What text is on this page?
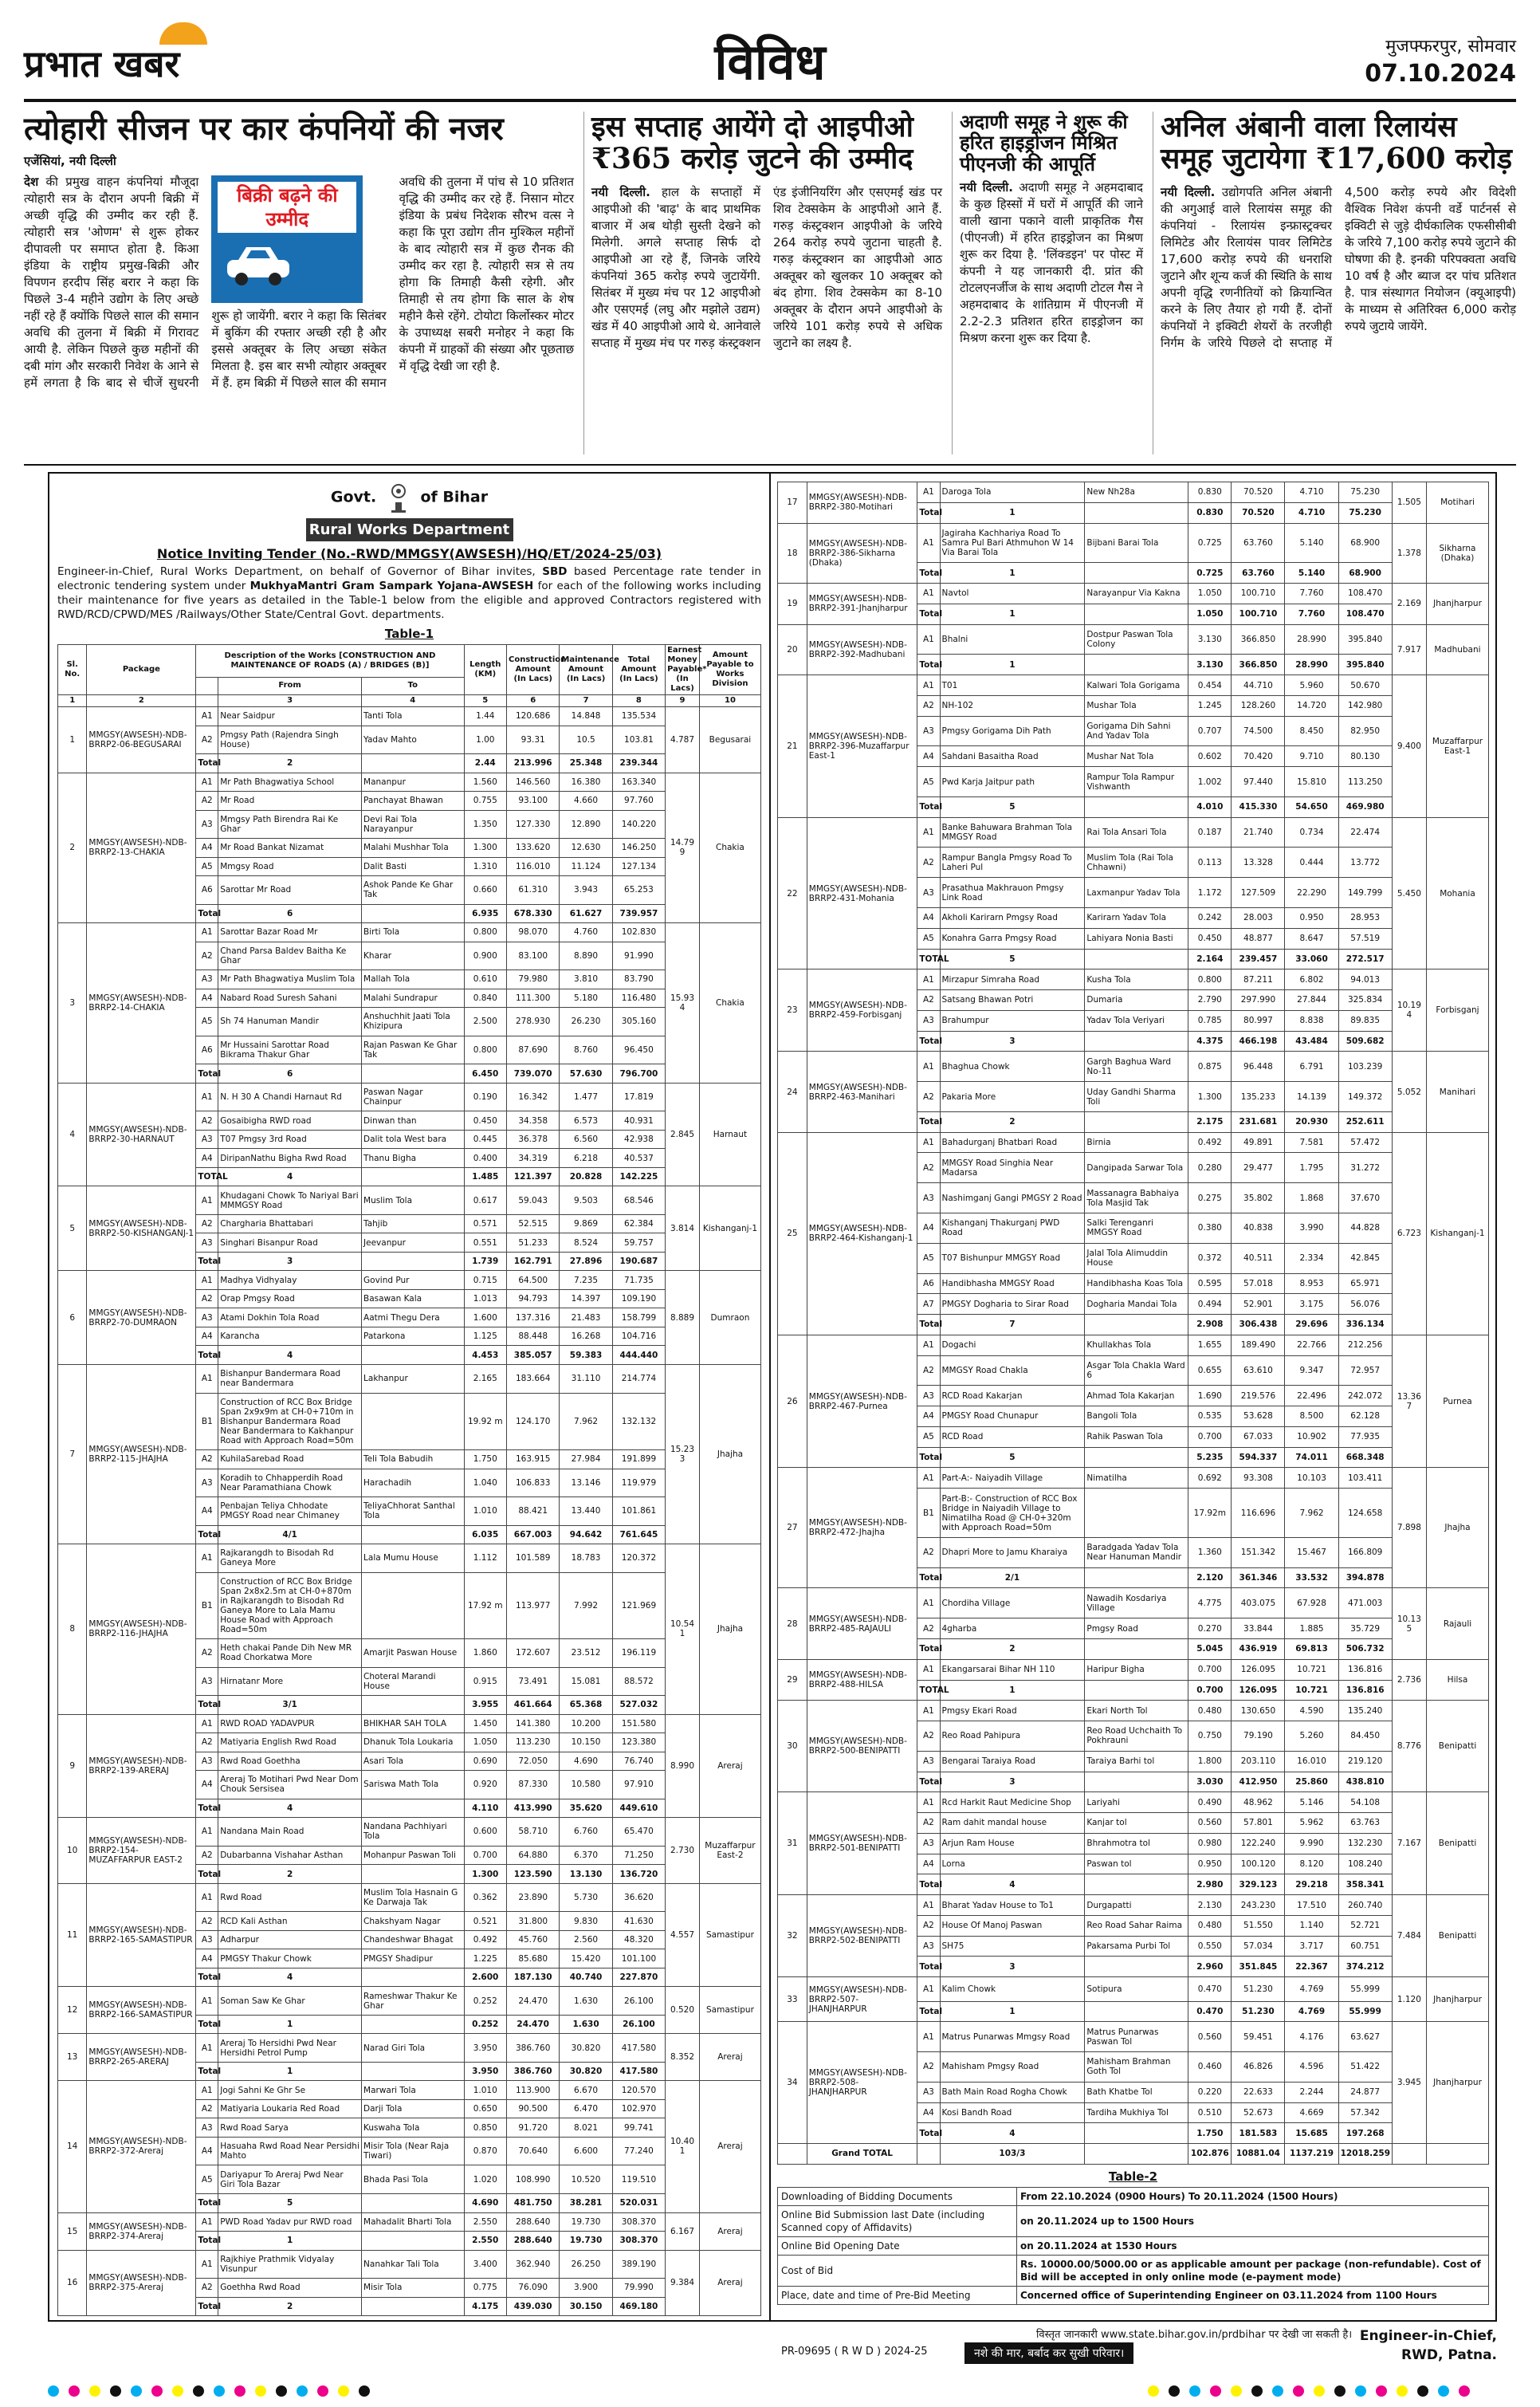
प्रभात खबर	विविध	मुजफ्फरपुर, सोमवार
07.10.2024
त्योहारी सीजन पर कार कंपनियों की नजर
एजेंसियां, नयी दिल्ली
देश की प्रमुख वाहन कंपनियां मौजूदा त्योहारी सत्र के दौरान अपनी बिक्री में अच्छी वृद्धि की उम्मीद कर रही हैं. त्योहारी सत्र 'ओणम' से शुरू होकर दीपावली पर समाप्त होता है. किआ इंडिया के राष्ट्रीय प्रमुख-बिक्री और विपणन हरदीप सिंह बरार ने कहा कि पिछले 3-4 महीने उद्योग के लिए अच्छे नहीं रहे हैं क्योंकि पिछले साल की समान अवधि की तुलना में बिक्री में गिरावट आयी है.
बिक्री बढ़ने की उम्मीद
लेकिन पिछले कुछ महीनों की दबी मांग और सरकारी निवेश के आने से हमें लगता है कि बाद से चीजें सुधरनी शुरू हो जायेंगी. बरार ने कहा कि सितंबर में बुकिंग की रफ्तार अच्छी रही है और इससे अक्तूबर के लिए अच्छा संकेत मिलता है. इस बार सभी त्योहार अक्तूबर में हैं. हम बिक्री में पिछले साल की समान अवधि की तुलना में पांच से 10 प्रतिशत वृद्धि की उम्मीद कर रहे हैं. निसान मोटर इंडिया के प्रबंध निदेशक सौरभ वत्स ने कहा कि पूरा उद्योग तीन मुश्किल महीनों के बाद त्योहारी सत्र में कुछ रौनक की उम्मीद कर रहा है. त्योहारी सत्र से तय होगा कि तिमाही कैसी रहेगी. और तिमाही से तय होगा कि साल के शेष महीने कैसे रहेंगे. टोयोटा किर्लोस्कर मोटर के उपाध्यक्ष सबरी मनोहर ने कहा कि कंपनी में ग्राहकों की संख्या और पूछताछ में वृद्धि देखी जा रही है.
इस सप्ताह आयेंगे दो आइपीओ ₹365 करोड़ जुटने की उम्मीद
नयी दिल्ली. हाल के सप्ताहों में आइपीओ की 'बाढ़' के बाद प्राथमिक बाजार में अब थोड़ी सुस्ती देखने को मिलेगी. अगले सप्ताह सिर्फ दो आइपीओ आ रहे हैं, जिनके जरिये कंपनियां 365 करोड़ रुपये जुटायेंगी. सितंबर में मुख्य मंच पर 12 आइपीओ और एसएमई (लघु और मझोले उद्यम) खंड में 40 आइपीओ आये थे. आनेवाले सप्ताह में मुख्य मंच पर गरुड़ कंस्ट्रक्शन एंड इंजीनियरिंग और एसएमई खंड पर शिव टेक्सकेम के आइपीओ आने हैं. गरुड़ कंस्ट्रक्शन आइपीओ के जरिये 264 करोड़ रुपये जुटाना चाहती है. गरुड़ कंस्ट्रक्शन का आइपीओ आठ अक्तूबर को खुलकर 10 अक्तूबर को बंद होगा. शिव टेक्सकेम का 8-10 अक्तूबर के दौरान अपने आइपीओ के जरिये 101 करोड़ रुपये से अधिक जुटाने का लक्ष्य है.
अदाणी समूह ने शुरू की हरित हाइड्रोजन मिश्रित पीएनजी की आपूर्ति
नयी दिल्ली. अदाणी समूह ने अहमदाबाद के कुछ हिस्सों में घरों में आपूर्ति की जाने वाली खाना पकाने वाली प्राकृतिक गैस (पीएनजी) में हरित हाइड्रोजन का मिश्रण शुरू कर दिया है. 'लिंक्डइन' पर पोस्ट में कंपनी ने यह जानकारी दी. प्रांत की टोटलएनर्जीज के साथ अदाणी टोटल गैस ने अहमदाबाद के शांतिग्राम में पीएनजी में 2.2-2.3 प्रतिशत हरित हाइड्रोजन का मिश्रण करना शुरू कर दिया है.
अनिल अंबानी वाला रिलायंस समूह जुटायेगा ₹17,600 करोड़
नयी दिल्ली. उद्योगपति अनिल अंबानी की अगुआई वाले रिलायंस समूह की कंपनियां - रिलायंस इन्फ्रास्ट्रक्चर लिमिटेड और रिलायंस पावर लिमिटेड 17,600 करोड़ रुपये की धनराशि जुटाने और शून्य कर्ज की स्थिति के साथ अपनी वृद्धि रणनीतियों को क्रियान्वित करने के लिए तैयार हो गयी हैं. दोनों कंपनियों ने इक्विटी शेयरों के तरजीही निर्गम के जरिये पिछले दो सप्ताह में 4,500 करोड़ रुपये और विदेशी वैश्विक निवेश कंपनी वर्डे पार्टनर्स से इक्विटी से जुड़े दीर्घकालिक एफसीसीबी के जरिये 7,100 करोड़ रुपये जुटाने की घोषणा की है. इनकी परिपक्वता अवधि 10 वर्ष है और ब्याज दर पांच प्रतिशत है. पात्र संस्थागत नियोजन (क्यूआइपी) के माध्यम से अतिरिक्त 6,000 करोड़ रुपये जुटाये जायेंगे.
Govt.	of Bihar
Rural Works Department
Notice Inviting Tender (No.-RWD/MMGSY(AWSESH)/HQ/ET/2024-25/03)
Engineer-in-Chief, Rural Works Department, on behalf of Governor of Bihar invites, SBD based Percentage rate tender in electronic tendering system under MukhyaMantri Gram Sampark Yojana-AWSESH for each of the following works including their maintenance for five years as detailed in the Table-1 below from the eligible and approved Contractors registered with RWD/RCD/CPWD/MES /Railways/Other State/Central Govt. departments.
Table-1
Sl. No.	Package	Description of the Works [CONSTRUCTION AND MAINTENANCE OF ROADS (A) / BRIDGES (B)]			Length (KM)	Construction Amount (In Lacs)	Maintenance Amount (In Lacs)	Total Amount (In Lacs)	Earnest Money Payable* (In Lacs)	Amount Payable to Works Division
			From	To						
1	2		3	4	5	6	7	8	9	10
1	MMGSY(AWSESH)-NDB-BRRP2-06-BEGUSARAI	A1	Near Saidpur	Tanti Tola	1.44	120.686	14.848	135.534	4.787	Begusarai
		A2	Pmgsy Path (Rajendra Singh House)	Yadav Mahto	1.00	93.31	10.5	103.81		
		Total	2		2.44	213.996	25.348	239.344		
2	MMGSY(AWSESH)-NDB-BRRP2-13-CHAKIA	A1	Mr Path Bhagwatiya School	Mananpur	1.560	146.560	16.380	163.340	14.79 9	Chakia
		A2	Mr Road	Panchayat Bhawan	0.755	93.100	4.660	97.760		
		A3	Mmgsy Path Birendra Rai Ke Ghar	Devi Rai Tola Narayanpur	1.350	127.330	12.890	140.220		
		A4	Mr Road Bankat Nizamat	Malahi Mushhar Tola	1.300	133.620	12.630	146.250		
		A5	Mmgsy Road	Dalit Basti	1.310	116.010	11.124	127.134		
		A6	Sarottar Mr Road	Ashok Pande Ke Ghar Tak	0.660	61.310	3.943	65.253		
		Total	6		6.935	678.330	61.627	739.957		
3	MMGSY(AWSESH)-NDB-BRRP2-14-CHAKIA	A1	Sarottar Bazar Road Mr	Birti Tola	0.800	98.070	4.760	102.830	15.93 4	Chakia
		A2	Chand Parsa Baldev Baitha Ke Ghar	Kharar	0.900	83.100	8.890	91.990		
		A3	Mr Path Bhagwatiya Muslim Tola	Mallah Tola	0.610	79.980	3.810	83.790		
		A4	Nabard Road Suresh Sahani	Malahi Sundrapur	0.840	111.300	5.180	116.480		
		A5	Sh 74 Hanuman Mandir	Anshuchhit Jaati Tola Khizipura	2.500	278.930	26.230	305.160		
		A6	Mr Hussaini Sarottar Road Bikrama Thakur Ghar	Rajan Paswan Ke Ghar Tak	0.800	87.690	8.760	96.450		
		Total	6		6.450	739.070	57.630	796.700		
4	MMGSY(AWSESH)-NDB-BRRP2-30-HARNAUT	A1	N. H 30 A Chandi Harnaut Rd	Paswan Nagar Chainpur	0.190	16.342	1.477	17.819	2.845	Harnaut
		A2	Gosaibigha RWD road	Dinwan than	0.450	34.358	6.573	40.931		
		A3	T07 Pmgsy 3rd Road	Dalit tola West bara	0.445	36.378	6.560	42.938		
		A4	DiripanNathu Bigha Rwd Road	Thanu Bigha	0.400	34.319	6.218	40.537		
		TOTAL	4		1.485	121.397	20.828	142.225		
5	MMGSY(AWSESH)-NDB-BRRP2-50-KISHANGANJ-1	A1	Khudagani Chowk To Nariyal Bari MMMGSY Road	Muslim Tola	0.617	59.043	9.503	68.546	3.814	Kishanganj-1
		A2	Chargharia Bhattabari	Tahjib	0.571	52.515	9.869	62.384		
		A3	Singhari Bisanpur Road	Jeevanpur	0.551	51.233	8.524	59.757		
		Total	3		1.739	162.791	27.896	190.687		
6	MMGSY(AWSESH)-NDB-BRRP2-70-DUMRAON	A1	Madhya Vidhyalay	Govind Pur	0.715	64.500	7.235	71.735	8.889	Dumraon
		A2	Orap Pmgsy Road	Basawan Kala	1.013	94.793	14.397	109.190		
		A3	Atami Dokhin Tola Road	Aatmi Thegu Dera	1.600	137.316	21.483	158.799		
		A4	Karancha	Patarkona	1.125	88.448	16.268	104.716		
		Total	4		4.453	385.057	59.383	444.440		
7	MMGSY(AWSESH)-NDB-BRRP2-115-JHAJHA	A1	Bishanpur Bandermara Road near Bandermara	Lakhanpur	2.165	183.664	31.110	214.774	15.23 3	Jhajha
		B1	Construction of RCC Box Bridge Span 2x9x9m at CH-0+710m in Bishanpur Bandermara Road Near Bandermara to Kakhanpur Road with Approach Road=50m		19.92 m	124.170	7.962	132.132		
		A2	KuhilaSarebad Road	Teli Tola Babudih	1.750	163.915	27.984	191.899		
		A3	Koradih to Chhapperdih Road Near Paramathiana Chowk	Harachadih	1.040	106.833	13.146	119.979		
		A4	Penbajan Teliya Chhodate PMGSY Road near Chimaney	TeliyaChhorat Santhal Tola	1.010	88.421	13.440	101.861		
		Total	4/1		6.035	667.003	94.642	761.645		
8	MMGSY(AWSESH)-NDB-BRRP2-116-JHAJHA	A1	Rajkarangdh to Bisodah Rd Ganeya More	Lala Mumu House	1.112	101.589	18.783	120.372	10.54 1	Jhajha
		B1	Construction of RCC Box Bridge Span 2x8x2.5m at CH-0+870m in Rajkarangdh to Bisodah Rd Ganeya More to Lala Mamu House Road with Approach Road=50m		17.92 m	113.977	7.992	121.969		
		A2	Heth chakai Pande Dih New MR Road Chorkatwa More	Amarjit Paswan House	1.860	172.607	23.512	196.119		
		A3	Hirnatanr More	Choteral Marandi House	0.915	73.491	15.081	88.572		
		Total	3/1		3.955	461.664	65.368	527.032		
9	MMGSY(AWSESH)-NDB-BRRP2-139-ARERAJ	A1	RWD ROAD YADAVPUR	BHIKHAR SAH TOLA	1.450	141.380	10.200	151.580	8.990	Areraj
		A2	Matiyaria English Rwd Road	Dhanuk Tola Loukaria	1.050	113.230	10.150	123.380		
		A3	Rwd Road Goethha	Asari Tola	0.690	72.050	4.690	76.740		
		A4	Areraj To Motihari Pwd Near Dom Chouk Sersisea	Sariswa Math Tola	0.920	87.330	10.580	97.910		
		Total	4		4.110	413.990	35.620	449.610		
10	MMGSY(AWSESH)-NDB-BRRP2-154-MUZAFFARPUR EAST-2	A1	Nandana Main Road	Nandana Pachhiyari Tola	0.600	58.710	6.760	65.470	2.730	Muzaffarpur East-2
		A2	Dubarbanna Vishahar Asthan	Mohanpur Paswan Toli	0.700	64.880	6.370	71.250		
		Total	2		1.300	123.590	13.130	136.720		
11	MMGSY(AWSESH)-NDB-BRRP2-165-SAMASTIPUR	A1	Rwd Road	Muslim Tola Hasnain G Ke Darwaja Tak	0.362	23.890	5.730	36.620	4.557	Samastipur
		A2	RCD Kali Asthan	Chakshyam Nagar	0.521	31.800	9.830	41.630		
		A3	Adharpur	Chandeshwar Bhagat	0.492	45.760	2.560	48.320		
		A4	PMGSY Thakur Chowk	PMGSY Shadipur	1.225	85.680	15.420	101.100		
		Total	4		2.600	187.130	40.740	227.870		
12	MMGSY(AWSESH)-NDB-BRRP2-166-SAMASTIPUR	A1	Soman Saw Ke Ghar	Rameshwar Thakur Ke Ghar	0.252	24.470	1.630	26.100	0.520	Samastipur
		Total	1		0.252	24.470	1.630	26.100		
13	MMGSY(AWSESH)-NDB-BRRP2-265-ARERAJ	A1	Areraj To Hersidhi Pwd Near Hersidhi Petrol Pump	Narad Giri Tola	3.950	386.760	30.820	417.580	8.352	Areraj
		Total	1		3.950	386.760	30.820	417.580		
14	MMGSY(AWSESH)-NDB-BRRP2-372-Areraj	A1	Jogi Sahni Ke Ghr Se	Marwari Tola	1.010	113.900	6.670	120.570	10.40 1	Areraj
		A2	Matiyaria Loukaria Red Road	Darji Tola	0.650	90.500	6.470	102.970		
		A3	Rwd Road Sarya	Kuswaha Tola	0.850	91.720	8.021	99.741		
		A4	Hasuaha Rwd Road Near Persidhi Mahto	Misir Tola (Near Raja Tiwari)	0.870	70.640	6.600	77.240		
		A5	Dariyapur To Areraj Pwd Near Giri Tola Bazar	Bhada Pasi Tola	1.020	108.990	10.520	119.510		
		Total	5		4.690	481.750	38.281	520.031		
15	MMGSY(AWSESH)-NDB-BRRP2-374-Areraj	A1	PWD Road Yadav pur RWD road	Mahadalit Bharti Tola	2.550	288.640	19.730	308.370	6.167	Areraj
		Total	1		2.550	288.640	19.730	308.370		
16	MMGSY(AWSESH)-NDB-BRRP2-375-Areraj	A1	Rajkhiye Prathmik Vidyalay Visunpur	Nanahkar Tali Tola	3.400	362.940	26.250	389.190	9.384	Areraj
		A2	Goethha Rwd Road	Misir Tola	0.775	76.090	3.900	79.990		
		Total	2		4.175	439.030	30.150	469.180		
17	MMGSY(AWSESH)-NDB-BRRP2-380-Motihari	A1	Daroga Tola	New Nh28a	0.830	70.520	4.710	75.230	1.505	Motihari
		Total	1		0.830	70.520	4.710	75.230		
18	MMGSY(AWSESH)-NDB-BRRP2-386-Sikharna (Dhaka)	A1	Jagiraha Kachhariya Road To Samra Pul Bari Athmuhon W 14 Via Barai Tola	Bijbani Barai Tola	0.725	63.760	5.140	68.900	1.378	Sikharna (Dhaka)
		Total	1		0.725	63.760	5.140	68.900		
19	MMGSY(AWSESH)-NDB-BRRP2-391-Jhanjharpur	A1	Navtol	Narayanpur Via Kakna	1.050	100.710	7.760	108.470	2.169	Jhanjharpur
		Total	1		1.050	100.710	7.760	108.470		
20	MMGSY(AWSESH)-NDB-BRRP2-392-Madhubani	A1	Bhalni	Dostpur Paswan Tola Colony	3.130	366.850	28.990	395.840	7.917	Madhubani
		Total	1		3.130	366.850	28.990	395.840		
21	MMGSY(AWSESH)-NDB-BRRP2-396-Muzaffarpur East-1	A1	T01	Kalwari Tola Gorigama	0.454	44.710	5.960	50.670	9.400	Muzaffarpur East-1
		A2	NH-102	Mushar Tola	1.245	128.260	14.720	142.980		
		A3	Pmgsy Gorigama Dih Path	Gorigama Dih Sahni And Yadav Tola	0.707	74.500	8.450	82.950		
		A4	Sahdani Basaitha Road	Mushar Nat Tola	0.602	70.420	9.710	80.130		
		A5	Pwd Karja Jaitpur path	Rampur Tola Rampur Vishwanth	1.002	97.440	15.810	113.250		
		Total	5		4.010	415.330	54.650	469.980		
22	MMGSY(AWSESH)-NDB-BRRP2-431-Mohania	A1	Banke Bahuwara Brahman Tola MMGSY Road	Rai Tola Ansari Tola	0.187	21.740	0.734	22.474	5.450	Mohania
		A2	Rampur Bangla Pmgsy Road To Laheri Pul	Muslim Tola (Rai Tola Chhawni)	0.113	13.328	0.444	13.772		
		A3	Prasathua Makhrauon Pmgsy Link Road	Laxmanpur Yadav Tola	1.172	127.509	22.290	149.799		
		A4	Akholi Karirarn Pmgsy Road	Karirarn Yadav Tola	0.242	28.003	0.950	28.953		
		A5	Konahra Garra Pmgsy Road	Lahiyara Nonia Basti	0.450	48.877	8.647	57.519		
		TOTAL	5		2.164	239.457	33.060	272.517		
23	MMGSY(AWSESH)-NDB-BRRP2-459-Forbisganj	A1	Mirzapur Simraha Road	Kusha Tola	0.800	87.211	6.802	94.013	10.19 4	Forbisganj
		A2	Satsang Bhawan Potri	Dumaria	2.790	297.990	27.844	325.834		
		A3	Brahumpur	Yadav Tola Veriyari	0.785	80.997	8.838	89.835		
		Total	3		4.375	466.198	43.484	509.682		
24	MMGSY(AWSESH)-NDB-BRRP2-463-Manihari	A1	Bhaghua Chowk	Gargh Baghua Ward No-11	0.875	96.448	6.791	103.239	5.052	Manihari
		A2	Pakaria More	Uday Gandhi Sharma Toli	1.300	135.233	14.139	149.372		
		Total	2		2.175	231.681	20.930	252.611		
25	MMGSY(AWSESH)-NDB-BRRP2-464-Kishanganj-1	A1	Bahadurganj Bhatbari Road	Birnia	0.492	49.891	7.581	57.472	6.723	Kishanganj-1
		A2	MMGSY Road Singhia Near Madarsa	Dangipada Sarwar Tola	0.280	29.477	1.795	31.272		
		A3	Nashimganj Gangi PMGSY 2 Road	Massanagra Babhaiya Tola Masjid Tak	0.275	35.802	1.868	37.670		
		A4	Kishanganj Thakurganj PWD Road	Salki Terenganri MMGSY Road	0.380	40.838	3.990	44.828		
		A5	T07 Bishunpur MMGSY Road	Jalal Tola Alimuddin House	0.372	40.511	2.334	42.845		
		A6	Handibhasha MMGSY Road	Handibhasha Koas Tola	0.595	57.018	8.953	65.971		
		A7	PMGSY Dogharia to Sirar Road	Dogharia Mandai Tola	0.494	52.901	3.175	56.076		
		Total	7		2.908	306.438	29.696	336.134		
26	MMGSY(AWSESH)-NDB-BRRP2-467-Purnea	A1	Dogachi	Khullakhas Tola	1.655	189.490	22.766	212.256	13.36 7	Purnea
		A2	MMGSY Road Chakla	Asgar Tola Chakla Ward 6	0.655	63.610	9.347	72.957		
		A3	RCD Road Kakarjan	Ahmad Tola Kakarjan	1.690	219.576	22.496	242.072		
		A4	PMGSY Road Chunapur	Bangoli Tola	0.535	53.628	8.500	62.128		
		A5	RCD Road	Rahik Paswan Tola	0.700	67.033	10.902	77.935		
		Total	5		5.235	594.337	74.011	668.348		
27	MMGSY(AWSESH)-NDB-BRRP2-472-Jhajha	A1	Part-A:- Naiyadih Village	Nimatilha	0.692	93.308	10.103	103.411	7.898	Jhajha
		B1	Part-B:- Construction of RCC Box Bridge in Naiyadih Village to Nimatilha Road @ CH-0+320m with Approach Road=50m		17.92m	116.696	7.962	124.658		
		A2	Dhapri More to Jamu Kharaiya	Baradgada Yadav Tola Near Hanuman Mandir	1.360	151.342	15.467	166.809		
		Total	2/1		2.120	361.346	33.532	394.878		
28	MMGSY(AWSESH)-NDB-BRRP2-485-RAJAULI	A1	Chordiha Village	Nawadih Kosdariya Village	4.775	403.075	67.928	471.003	10.13 5	Rajauli
		A2	4gharba	Pmgsy Road	0.270	33.844	1.885	35.729		
		Total	2		5.045	436.919	69.813	506.732		
29	MMGSY(AWSESH)-NDB-BRRP2-488-HILSA	A1	Ekangarsarai Bihar NH 110	Haripur Bigha	0.700	126.095	10.721	136.816	2.736	Hilsa
		TOTAL	1		0.700	126.095	10.721	136.816		
30	MMGSY(AWSESH)-NDB-BRRP2-500-BENIPATTI	A1	Pmgsy Ekari Road	Ekari North Tol	0.480	130.650	4.590	135.240	8.776	Benipatti
		A2	Reo Road Pahipura	Reo Road Uchchaith To Pokhrauni	0.750	79.190	5.260	84.450		
		A3	Bengarai Taraiya Road	Taraiya Barhi tol	1.800	203.110	16.010	219.120		
		Total	3		3.030	412.950	25.860	438.810		
31	MMGSY(AWSESH)-NDB-BRRP2-501-BENIPATTI	A1	Rcd Harkit Raut Medicine Shop	Lariyahi	0.490	48.962	5.146	54.108	7.167	Benipatti
		A2	Ram dahit mandal house	Kanjar tol	0.560	57.801	5.962	63.763		
		A3	Arjun Ram House	Bhrahmotra tol	0.980	122.240	9.990	132.230		
		A4	Lorna	Paswan tol	0.950	100.120	8.120	108.240		
		Total	4		2.980	329.123	29.218	358.341		
32	MMGSY(AWSESH)-NDB-BRRP2-502-BENIPATTI	A1	Bharat Yadav House to To1	Durgapatti	2.130	243.230	17.510	260.740	7.484	Benipatti
		A2	House Of Manoj Paswan	Reo Road Sahar Raima	0.480	51.550	1.140	52.721		
		A3	SH75	Pakarsama Purbi Tol	0.550	57.034	3.717	60.751		
		Total	3		2.960	351.845	22.367	374.212		
33	MMGSY(AWSESH)-NDB-BRRP2-507-JHANJHARPUR	A1	Kalim Chowk	Sotipura	0.470	51.230	4.769	55.999	1.120	Jhanjharpur
		Total	1		0.470	51.230	4.769	55.999		
34	MMGSY(AWSESH)-NDB-BRRP2-508-JHANJHARPUR	A1	Matrus Punarwas Mmgsy Road	Matrus Punarwas Paswan Tol	0.560	59.451	4.176	63.627	3.945	Jhanjharpur
		A2	Mahisham Pmgsy Road	Mahisham Brahman Goth Tol	0.460	46.826	4.596	51.422		
		A3	Bath Main Road Rogha Chowk	Bath Khatbe Tol	0.220	22.633	2.244	24.877		
		A4	Kosi Bandh Road	Tardiha Mukhiya Tol	0.510	52.673	4.669	57.342		
		Total	4		1.750	181.583	15.685	197.268		
	Grand TOTAL		103/3		102.876	10881.04	1137.219	12018.259		
Table-2
Downloading of Bidding Documents	From 22.10.2024 (0900 Hours) To 20.11.2024 (1500 Hours)
Online Bid Submission last Date (including Scanned copy of Affidavits)	on 20.11.2024 up to 1500 Hours
Online Bid Opening Date	on 20.11.2024 at 1530 Hours
Cost of Bid	Rs. 10000.00/5000.00 or as applicable amount per package (non-refundable). Cost of Bid will be accepted in only online mode (e-payment mode)
Place, date and time of Pre-Bid Meeting	Concerned office of Superintending Engineer on 03.11.2024 from 1100 Hours
विस्तृत जानकारी www.state.bihar.gov.in/prdbihar पर देखी जा सकती है।
PR-09695 ( R W D ) 2024-25	नशे की मार, बर्बाद कर सुखी परिवार।
Engineer-in-Chief,
RWD, Patna.
